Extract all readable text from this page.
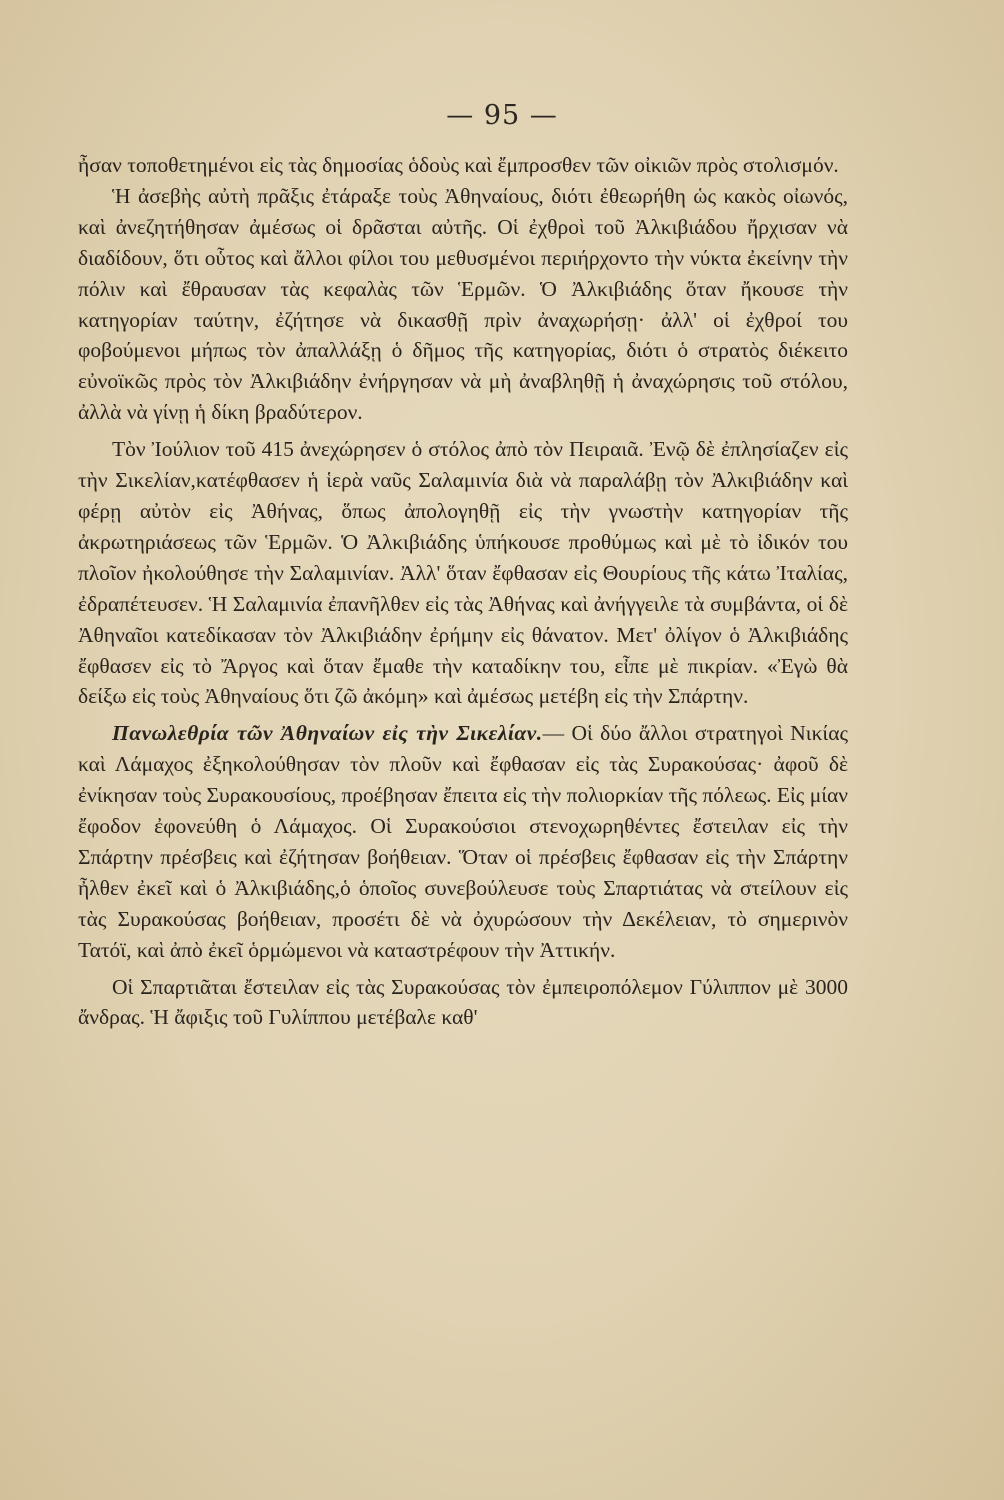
— 95 —

ἦσαν τοποθετημένοι εἰς τὰς δημοσίας ὁδοὺς καὶ ἔμπροσθεν τῶν οἰκιῶν πρὸς στολισμόν.

Ἡ ἀσεβὴς αὐτὴ πρᾶξις ἐτάραξε τοὺς Ἀθηναίους, διότι ἐθεωρήθη ὡς κακὸς οἰωνός, καὶ ἀνεζητήθησαν ἀμέσως οἱ δρᾶσται αὐτῆς. Οἱ ἐχθροὶ τοῦ Ἀλκιβιάδου ἤρχισαν νὰ διαδίδουν, ὅτι οὗτος καὶ ἄλλοι φίλοι του μεθυσμένοι περιήρχοντο τὴν νύκτα ἐκείνην τὴν πόλιν καὶ ἔθραυσαν τὰς κεφαλὰς τῶν Ἑρμῶν. Ὁ Ἀλκιβιάδης ὅταν ἤκουσε τὴν κατηγορίαν ταύτην, ἐζήτησε νὰ δικασθῇ πρὶν ἀναχωρήσῃ· ἀλλ' οἱ ἐχθροί του φοβούμενοι μήπως τὸν ἀπαλλάξῃ ὁ δῆμος τῆς κατηγορίας, διότι ὁ στρατὸς διέκειτο εὐνοϊκῶς πρὸς τὸν Ἀλκιβιάδην ἐνήργησαν νὰ μὴ ἀναβληθῇ ἡ ἀναχώρησις τοῦ στόλου, ἀλλὰ νὰ γίνῃ ἡ δίκη βραδύτερον.

Τὸν Ἰούλιον τοῦ 415 ἀνεχώρησεν ὁ στόλος ἀπὸ τὸν Πειραιᾶ. Ἐνῷ δὲ ἐπλησίαζεν εἰς τὴν Σικελίαν,κατέφθασεν ἡ ἱερὰ ναῦς Σαλαμινία διὰ νὰ παραλάβῃ τὸν Ἀλκιβιάδην καὶ φέρῃ αὐτὸν εἰς Ἀθήνας, ὅπως ἀπολογηθῇ εἰς τὴν γνωστὴν κατηγορίαν τῆς ἀκρωτηριάσεως τῶν Ἑρμῶν. Ὁ Ἀλκιβιάδης ὑπήκουσε προθύμως καὶ μὲ τὸ ἰδικόν του πλοῖον ἠκολούθησε τὴν Σαλαμινίαν. Ἀλλ' ὅταν ἔφθασαν εἰς Θουρίους τῆς κάτω Ἰταλίας, ἐδραπέτευσεν. Ἡ Σαλαμινία ἐπανῆλθεν εἰς τὰς Ἀθήνας καὶ ἀνήγγειλε τὰ συμβάντα, οἱ δὲ Ἀθηναῖοι κατεδίκασαν τὸν Ἀλκιβιάδην ἐρήμην εἰς θάνατον. Μετ' ὀλίγον ὁ Ἀλκιβιάδης ἔφθασεν εἰς τὸ Ἄργος καὶ ὅταν ἔμαθε τὴν καταδίκην του, εἶπε μὲ πικρίαν. «Ἐγὼ θὰ δείξω εἰς τοὺς Ἀθηναίους ὅτι ζῶ ἀκόμη» καὶ ἀμέσως μετέβη εἰς τὴν Σπάρτην.

Πανωλεθρία τῶν Ἀθηναίων εἰς τὴν Σικελίαν.— Οἱ δύο ἄλλοι στρατηγοὶ Νικίας καὶ Λάμαχος ἐξηκολούθησαν τὸν πλοῦν καὶ ἔφθασαν εἰς τὰς Συρακούσας· ἀφοῦ δὲ ἐνίκησαν τοὺς Συρακουσίους, προέβησαν ἔπειτα εἰς τὴν πολιορκίαν τῆς πόλεως. Εἰς μίαν ἔφοδον ἐφονεύθη ὁ Λάμαχος. Οἱ Συρακούσιοι στενοχωρηθέντες ἔστειλαν εἰς τὴν Σπάρτην πρέσβεις καὶ ἐζήτησαν βοήθειαν. Ὅταν οἱ πρέσβεις ἔφθασαν εἰς τὴν Σπάρτην ἦλθεν ἐκεῖ καὶ ὁ Ἀλκιβιάδης,ὁ ὁποῖος συνεβούλευσε τοὺς Σπαρτιάτας νὰ στείλουν εἰς τὰς Συρακούσας βοήθειαν, προσέτι δὲ νὰ ὀχυρώσουν τὴν Δεκέλειαν, τὸ σημερινὸν Τατόϊ, καὶ ἀπὸ ἐκεῖ ὁρμώμενοι νὰ καταστρέφουν τὴν Ἀττικήν.

Οἱ Σπαρτιᾶται ἔστειλαν εἰς τὰς Συρακούσας τὸν ἐμπειροπόλεμον Γύλιππον μὲ 3000 ἄνδρας. Ἡ ἄφιξις τοῦ Γυλίππου μετέβαλε καθ'
